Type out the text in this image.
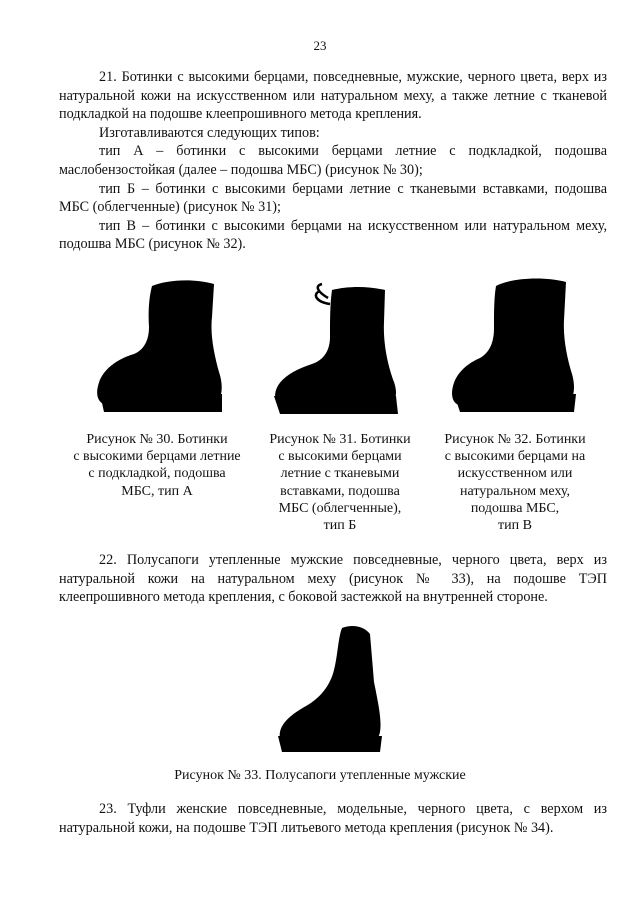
23

21. Ботинки с высокими берцами, повседневные, мужские, черного цвета, верх из натуральной кожи на искусственном или натуральном меху, а также летние с тканевой подкладкой на подошве клеепрошивного метода крепления.

Изготавливаются следующих типов:

тип А – ботинки с высокими берцами летние с подкладкой, подошва маслобензостойкая (далее – подошва МБС) (рисунок № 30);

тип Б – ботинки с высокими берцами летние с тканевыми вставками, подошва МБС (облегченные) (рисунок № 31);

тип В – ботинки с высокими берцами на искусственном или натуральном меху, подошва МБС (рисунок № 32).

Рисунок № 30. Ботинки
с высокими берцами летние
с подкладкой, подошва
МБС, тип А
Рисунок № 31. Ботинки
с высокими берцами
летние с тканевыми
вставками, подошва
МБС (облегченные),
тип Б
Рисунок № 32. Ботинки
с высокими берцами на
искусственном или
натуральном меху,
подошва МБС,
тип В

22. Полусапоги утепленные мужские повседневные, черного цвета, верх из натуральной кожи на натуральном меху (рисунок № 33), на подошве ТЭП клеепрошивного метода крепления, с боковой застежкой на внутренней стороне.

Рисунок № 33. Полусапоги утепленные мужские

23. Туфли женские повседневные, модельные, черного цвета, с верхом из натуральной кожи, на подошве ТЭП литьевого метода крепления (рисунок № 34).
